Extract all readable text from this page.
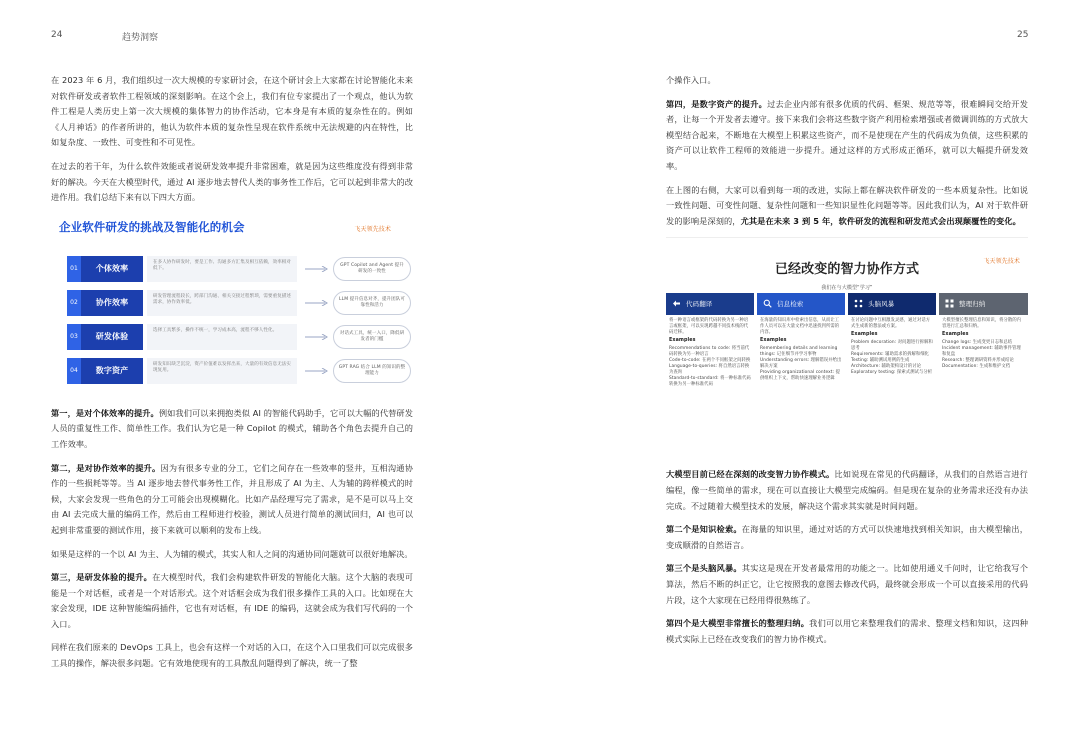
24	趋势洞察	25

在 2023 年 6 月，我们组织过一次大规模的专家研讨会，在这个研讨会上大家都在讨论智能化未来对软件研发或者软件工程领域的深刻影响。在这个会上，我们有位专家提出了一个观点，他认为软件工程是人类历史上第一次大规模的集体智力的协作活动，它本身是有本质的复杂性在的。例如《人月神话》的作者所讲的，他认为软件本质的复杂性呈现在软件系统中无法规避的内在特性，比如复杂度、一致性、可变性和不可见性。

在过去的若干年，为什么软件效能或者说研发效率提升非常困难，就是因为这些维度没有得到非常好的解决。今天在大模型时代，通过 AI 逐步地去替代人类的事务性工作后，它可以起到非常大的改进作用。我们总结下来有以下四大方面。

企业软件研发的挑战及智能化的机会	飞天领先技术
01	个体效率
在多人协作研发时，要是工作、沟通多方汇集及相互依赖，效率相对低下。
02	协作效率
研发管理流程较长，跨部门沟通、相关交接过程繁琐，需要重复描述需求，协作效率低。
03	研发体验
选择工具繁多，操作不统一，学习成本高，流程不够人性化。
04	数字资产
研发知识缺乏沉淀，资产价值难以发挥出来，大量的有效信息无法实现复用。
GPT Copilot and Agent 提升研发的一致性
LLM 提升信息对齐，提升团队可靠性和活力
对话式工具，统一入口，降低研发者的门槛
GPT RAG 结合 LLM 的知识的整理能力

第一，是对个体效率的提升。例如我们可以来拥抱类似 AI 的智能代码助手，它可以大幅的代替研发人员的重复性工作、简单性工作。我们认为它是一种 Copilot 的模式，辅助各个角色去提升自己的工作效率。

第二，是对协作效率的提升。因为有很多专业的分工，它们之间存在一些效率的竖井，互相沟通协作的一些损耗等等。当 AI 逐步地去替代事务性工作，并且形成了 AI 为主、人为辅的跨样模式的时候，大家会发现一些角色的分工可能会出现模糊化。比如产品经理写完了需求，是不是可以马上交由 AI 去完成大量的编码工作，然后由工程师进行校验，测试人员进行简单的测试回归，AI 也可以起到非常重要的测试作用，接下来就可以顺利的发布上线。

如果是这样的一个以 AI 为主、人为辅的模式，其实人和人之间的沟通协同问题就可以很好地解决。

第三，是研发体验的提升。在大模型时代，我们会构建软件研发的智能化大脑。这个大脑的表现可能是一个对话框，或者是一个对话形式。这个对话框会成为我们很多操作工具的入口。比如现在大家会发现，IDE 这种智能编码插件，它也有对话框，有 IDE 的编码，这就会成为我们写代码的一个入口。

同样在我们原来的 DevOps 工具上，也会有这样一个对话的入口，在这个入口里我们可以完成很多工具的操作，解决很多问题。它有效地使现有的工具散乱问题得到了解决，统一了整

个操作入口。

第四，是数字资产的提升。过去企业内部有很多优质的代码、框架、规范等等，很难瞬间交给开发者，让每一个开发者去遵守。接下来我们会将这些数字资产利用检索增强或者微调训练的方式放大模型结合起来，不断地在大模型上积累这些资产，而不是使现在产生的代码成为负债，这些积累的资产可以让软件工程师的效能进一步提升。通过这样的方式形成正循环，就可以大幅提升研发效率。

在上图的右侧，大家可以看到每一项的改进，实际上都在解决软件研发的一些本质复杂性。比如说一致性问题、可变性问题、复杂性问题和一些知识显性化问题等等。因此我们认为，AI 对于软件研发的影响是深刻的，尤其是在未来 3 到 5 年，软件研发的流程和研发范式会出现颠覆性的变化。

飞天领先技术
已经改变的智力协作方式
我们在与大模型“学习”
代码翻译	信息检索	头脑风暴	整理归纳
将一种语言或框架的代码转换为另一种语言或框架，可以实现跨越不同技术栈的代码迁移。
Examples
Recommendations to code: 将当前代码转换为另一种语言
Code-to-code: 在两个不同框架之间转换
Language-to-queries: 将自然语言转换为查询
Standard-to-standard: 将一种标准代码转换为另一种标准代码
在海量的知识库中检索出信息，从而让工作人员可以在大量文档中迅速找到所需的内容。
Examples
Remembering details and learning things: 记住细节并学习事物
Understanding errors: 理解错误并给出解决方案
Providing organizational context: 提供组织上下文，帮助快速理解业务逻辑
在讨论问题中互相激发灵感，通过对话方式生成新的想法或方案。
Examples
Problem decoration: 对问题进行拆解和思考
Requirements: 辅助需求的拆解和细化
Testing: 辅助测试用例的生成
Architecture: 辅助架构设计的讨论
Exploratory testing: 探索式测试与分析
大模型擅长整理信息和知识，将分散的内容进行汇总和归纳。
Examples
Change logs: 生成变更日志和总结
Incident management: 辅助事件管理和复盘
Research: 整理调研资料并形成结论
Documentation: 生成和维护文档

大模型目前已经在深刻的改变智力协作模式。比如说现在常见的代码翻译，从我们的自然语言进行编程，像一些简单的需求，现在可以直接让大模型完成编码。但是现在复杂的业务需求还没有办法完成。不过随着大模型技术的发展，解决这个需求其实就是时间问题。

第二个是知识检索。在海量的知识里，通过对话的方式可以快速地找到相关知识，由大模型输出，变成顺滑的自然语言。

第三个是头脑风暴。其实这是现在开发者最常用的功能之一。比如使用通义千问时，让它给我写个算法，然后不断的纠正它，让它按照我的意图去修改代码，最终就会形成一个可以直接采用的代码片段，这个大家现在已经用得很熟练了。

第四个是大模型非常擅长的整理归纳。我们可以用它来整理我们的需求、整理文档和知识，这四种模式实际上已经在改变我们的智力协作模式。
